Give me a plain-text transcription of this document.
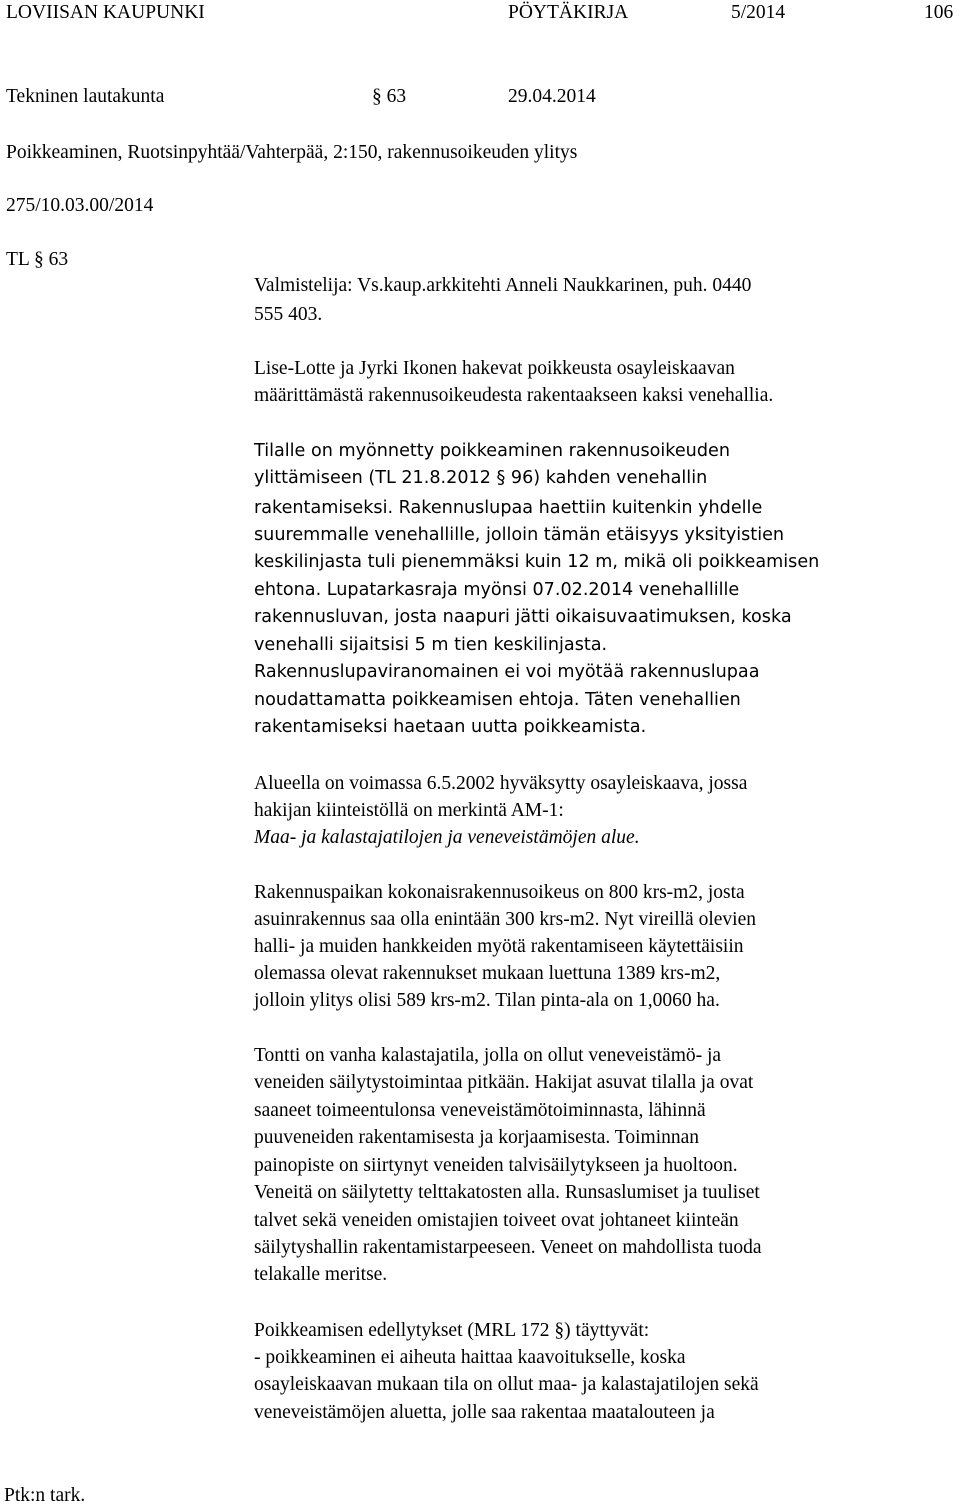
LOVIISAN KAUPUNKI	PÖYTÄKIRJA	5/2014	106
Tekninen lautakunta	§ 63	29.04.2014
Poikkeaminen, Ruotsinpyhtää/Vahterpää, 2:150, rakennusoikeuden ylitys
275/10.03.00/2014
TL § 63
Valmistelija: Vs.kaup.arkkitehti Anneli Naukkarinen, puh. 0440
555 403.
Lise-Lotte ja Jyrki Ikonen hakevat poikkeusta osayleiskaavan
määrittämästä rakennusoikeudesta rakentaakseen kaksi venehallia.
Tilalle on myönnetty poikkeaminen rakennusoikeuden
ylittämiseen (TL 21.8.2012 § 96) kahden venehallin
rakentamiseksi. Rakennuslupaa haettiin kuitenkin yhdelle
suuremmalle venehallille, jolloin tämän etäisyys yksityistien
keskilinjasta tuli pienemmäksi kuin 12 m, mikä oli poikkeamisen
ehtona. Lupatarkasraja myönsi 07.02.2014 venehallille
rakennusluvan, josta naapuri jätti oikaisuvaatimuksen, koska
venehalli sijaitsisi 5 m tien keskilinjasta.
Rakennuslupaviranomainen ei voi myötää rakennuslupaa
noudattamatta poikkeamisen ehtoja. Täten venehallien
rakentamiseksi haetaan uutta poikkeamista.
Alueella on voimassa 6.5.2002 hyväksytty osayleiskaava, jossa
hakijan kiinteistöllä on merkintä AM-1:
Maa- ja kalastajatilojen ja veneveistämöjen alue.
Rakennuspaikan kokonaisrakennusoikeus on 800 krs-m2, josta
asuinrakennus saa olla enintään 300 krs-m2. Nyt vireillä olevien
halli- ja muiden hankkeiden myötä rakentamiseen käytettäisiin
olemassa olevat rakennukset mukaan luettuna 1389 krs-m2,
jolloin ylitys olisi 589 krs-m2. Tilan pinta-ala on 1,0060 ha.
Tontti on vanha kalastajatila, jolla on ollut veneveistämö- ja
veneiden säilytystoimintaa pitkään. Hakijat asuvat tilalla ja ovat
saaneet toimeentulonsa veneveistämötoiminnasta, lähinnä
puuveneiden rakentamisesta ja korjaamisesta. Toiminnan
painopiste on siirtynyt veneiden talvisäilytykseen ja huoltoon.
Veneitä on säilytetty telttakatosten alla. Runsaslumiset ja tuuliset
talvet sekä veneiden omistajien toiveet ovat johtaneet kiinteän
säilytyshallin rakentamistarpeeseen. Veneet on mahdollista tuoda
telakalle meritse.
Poikkeamisen edellytykset (MRL 172 §) täyttyvät:
- poikkeaminen ei aiheuta haittaa kaavoitukselle, koska
osayleiskaavan mukaan tila on ollut maa- ja kalastajatilojen sekä
veneveistämöjen aluetta, jolle saa rakentaa maatalouteen ja
Ptk:n tark.
